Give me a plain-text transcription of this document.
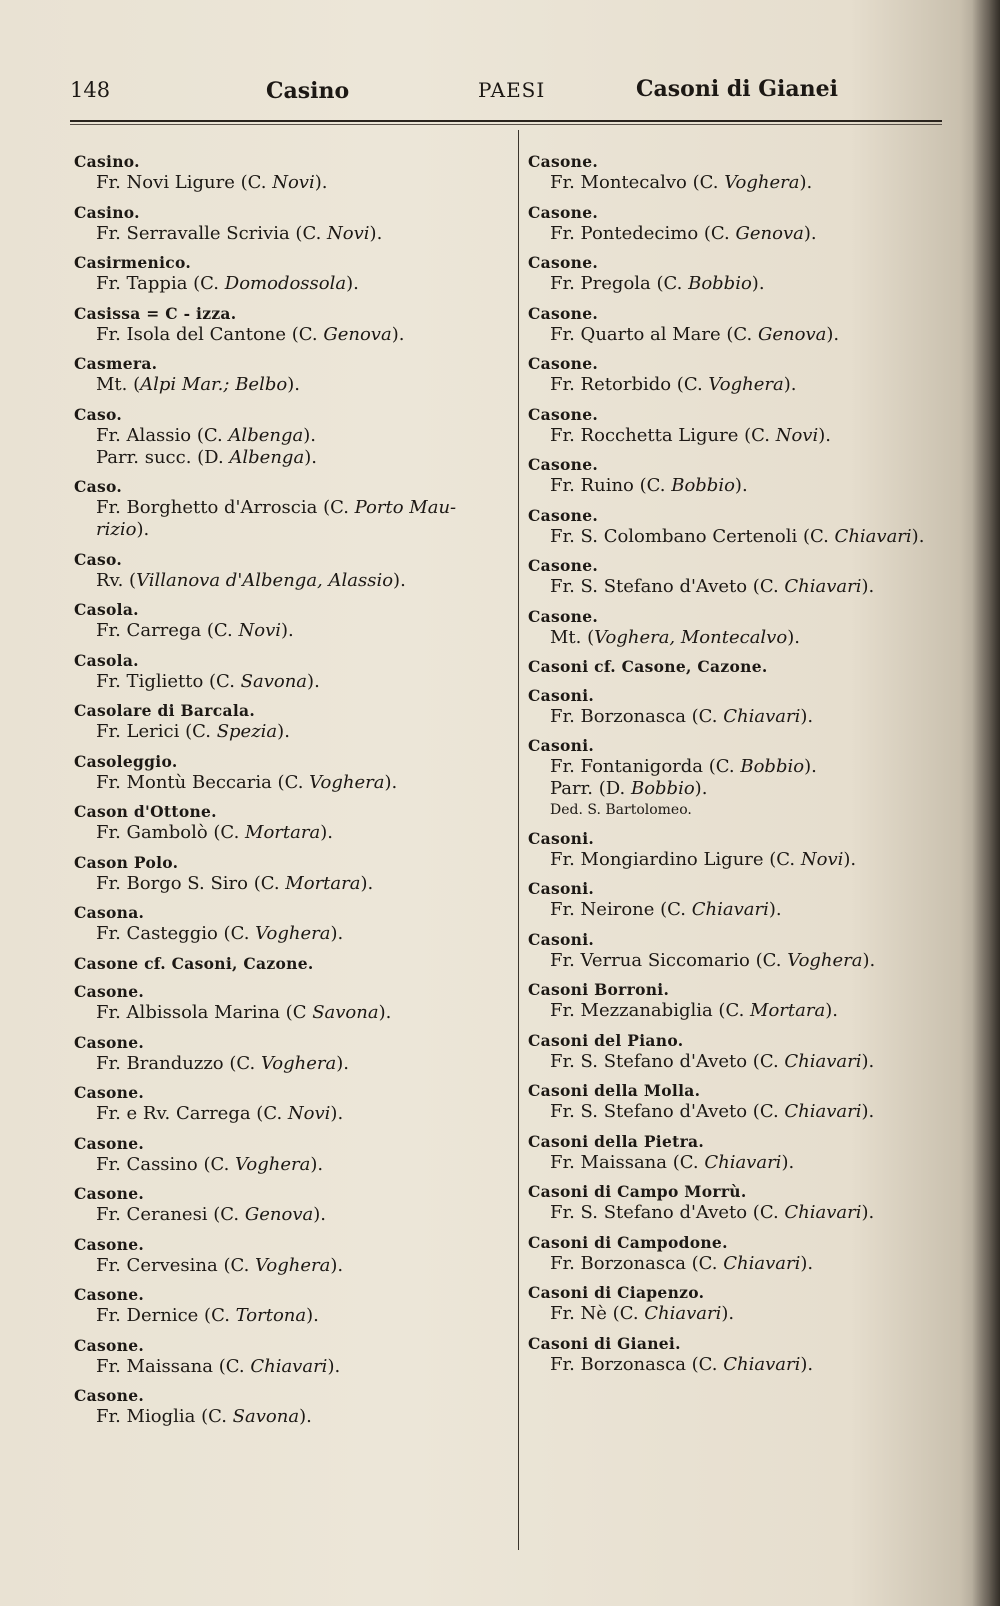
148	Casino	PAESI	Casoni di Gianei
Casino.
Fr. Novi Ligure (C. Novi).
Casino.
Fr. Serravalle Scrivia (C. Novi).
Casirmenico.
Fr. Tappia (C. Domodossola).
Casissa = C - izza.
Fr. Isola del Cantone (C. Genova).
Casmera.
Mt. (Alpi Mar.; Belbo).
Caso.
Fr. Alassio (C. Albenga).
Parr. succ. (D. Albenga).
Caso.
Fr. Borghetto d'Arroscia (C. Porto Mau-
rizio).
Caso.
Rv. (Villanova d'Albenga, Alassio).
Casola.
Fr. Carrega (C. Novi).
Casola.
Fr. Tiglietto (C. Savona).
Casolare di Barcala.
Fr. Lerici (C. Spezia).
Casoleggio.
Fr. Montù Beccaria (C. Voghera).
Cason d'Ottone.
Fr. Gambolò (C. Mortara).
Cason Polo.
Fr. Borgo S. Siro (C. Mortara).
Casona.
Fr. Casteggio (C. Voghera).
Casone cf. Casoni, Cazone.
Casone.
Fr. Albissola Marina (C Savona).
Casone.
Fr. Branduzzo (C. Voghera).
Casone.
Fr. e Rv. Carrega (C. Novi).
Casone.
Fr. Cassino (C. Voghera).
Casone.
Fr. Ceranesi (C. Genova).
Casone.
Fr. Cervesina (C. Voghera).
Casone.
Fr. Dernice (C. Tortona).
Casone.
Fr. Maissana (C. Chiavari).
Casone.
Fr. Mioglia (C. Savona).
Casone.
Fr. Montecalvo (C. Voghera).
Casone.
Fr. Pontedecimo (C. Genova).
Casone.
Fr. Pregola (C. Bobbio).
Casone.
Fr. Quarto al Mare (C. Genova).
Casone.
Fr. Retorbido (C. Voghera).
Casone.
Fr. Rocchetta Ligure (C. Novi).
Casone.
Fr. Ruino (C. Bobbio).
Casone.
Fr. S. Colombano Certenoli (C. Chiavari).
Casone.
Fr. S. Stefano d'Aveto (C. Chiavari).
Casone.
Mt. (Voghera, Montecalvo).
Casoni cf. Casone, Cazone.
Casoni.
Fr. Borzonasca (C. Chiavari).
Casoni.
Fr. Fontanigorda (C. Bobbio).
Parr. (D. Bobbio).
Ded. S. Bartolomeo.
Casoni.
Fr. Mongiardino Ligure (C. Novi).
Casoni.
Fr. Neirone (C. Chiavari).
Casoni.
Fr. Verrua Siccomario (C. Voghera).
Casoni Borroni.
Fr. Mezzanabiglia (C. Mortara).
Casoni del Piano.
Fr. S. Stefano d'Aveto (C. Chiavari).
Casoni della Molla.
Fr. S. Stefano d'Aveto (C. Chiavari).
Casoni della Pietra.
Fr. Maissana (C. Chiavari).
Casoni di Campo Morrù.
Fr. S. Stefano d'Aveto (C. Chiavari).
Casoni di Campodone.
Fr. Borzonasca (C. Chiavari).
Casoni di Ciapenzo.
Fr. Nè (C. Chiavari).
Casoni di Gianei.
Fr. Borzonasca (C. Chiavari).
